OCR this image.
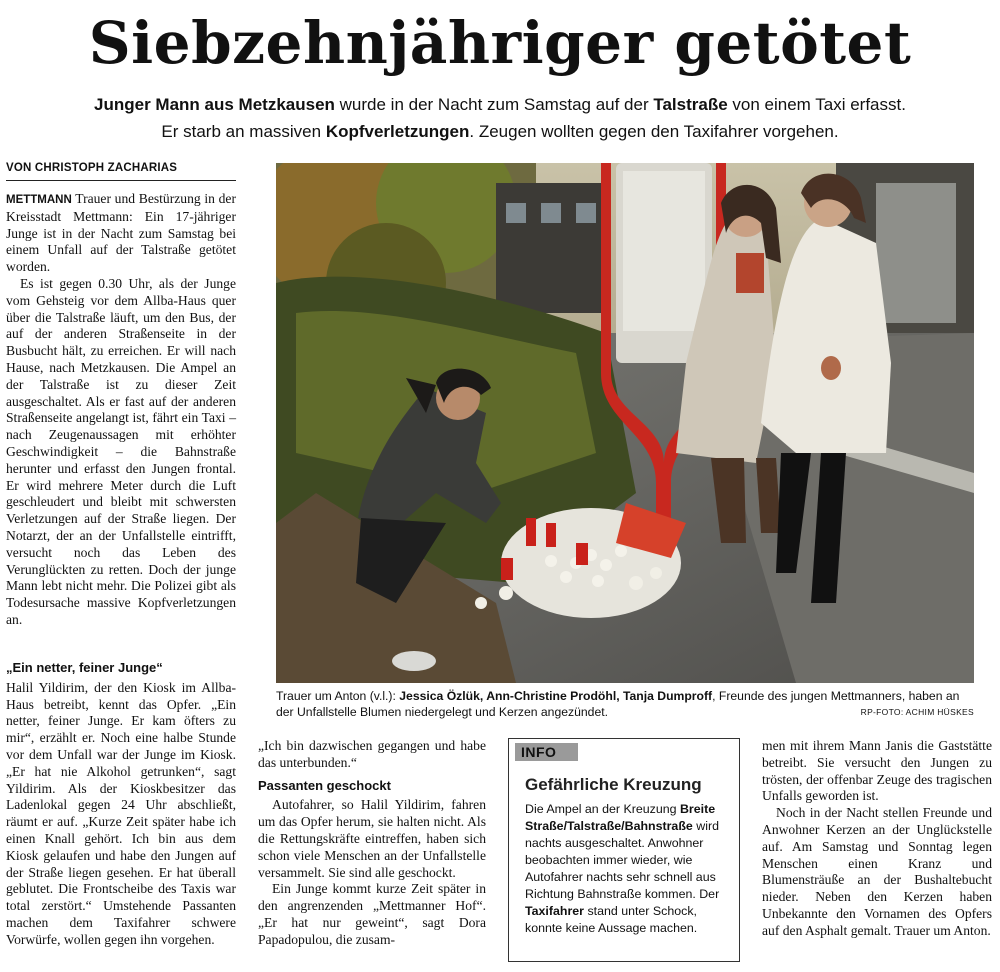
Siebzehnjähriger getötet
Junger Mann aus Metzkausen wurde in der Nacht zum Samstag auf der Talstraße von einem Taxi erfasst.
Er starb an massiven Kopfverletzungen. Zeugen wollten gegen den Taxifahrer vorgehen.
VON CHRISTOPH ZACHARIAS

METTMANN Trauer und Bestürzung in der Kreisstadt Mettmann: Ein 17-jähriger Junge ist in der Nacht zum Samstag bei einem Unfall auf der Talstraße getötet worden.

Es ist gegen 0.30 Uhr, als der Junge vom Gehsteig vor dem Allba-Haus quer über die Talstraße läuft, um den Bus, der auf der anderen Straßenseite in der Busbucht hält, zu erreichen. Er will nach Hause, nach Metzkausen. Die Ampel an der Talstraße ist zu dieser Zeit ausgeschaltet. Als er fast auf der anderen Straßenseite angelangt ist, fährt ein Taxi – nach Zeugenaussagen mit erhöhter Geschwindigkeit – die Bahnstraße herunter und erfasst den Jungen frontal. Er wird mehrere Meter durch die Luft geschleudert und bleibt mit schwersten Verletzungen auf der Straße liegen. Der Notarzt, der an der Unfallstelle eintrifft, versucht noch das Leben des Verunglückten zu retten. Doch der junge Mann lebt nicht mehr. Die Polizei gibt als Todesursache massive Kopfverletzungen an.

„Ein netter, feiner Junge“

Halil Yildirim, der den Kiosk im Allba-Haus betreibt, kennt das Opfer. „Ein netter, feiner Junge. Er kam öfters zu mir“, erzählt er. Noch eine halbe Stunde vor dem Unfall war der Junge im Kiosk. „Er hat nie Alkohol getrunken“, sagt Yildirim. Als der Kioskbesitzer das Ladenlokal gegen 24 Uhr abschließt, räumt er auf. „Kurze Zeit später habe ich einen Knall gehört. Ich bin aus dem Kiosk gelaufen und habe den Jungen auf der Straße liegen gesehen. Er hat überall geblutet. Die Frontscheibe des Taxis war total zerstört.“ Umstehende Passanten machen dem Taxifahrer schwere Vorwürfe, wollen gegen ihn vorgehen.

Trauer um Anton (v.l.): Jessica Özlük, Ann-Christine Prodöhl, Tanja Dumproff, Freunde des jungen Mettmanners, haben an der Unfallstelle Blumen niedergelegt und Kerzen angezündet.	RP-FOTO: ACHIM HÜSKES

„Ich bin dazwischen gegangen und habe das unterbunden.“

Passanten geschockt

Autofahrer, so Halil Yildirim, fahren um das Opfer herum, sie halten nicht. Als die Rettungskräfte eintreffen, haben sich schon viele Menschen an der Unfallstelle versammelt. Sie sind alle geschockt.

Ein Junge kommt kurze Zeit später in den angrenzenden „Mettmanner Hof“. „Er hat nur geweint“, sagt Dora Papadopulou, die zusam-

INFO
Gefährliche Kreuzung
Die Ampel an der Kreuzung Breite Straße/Talstraße/Bahnstraße wird nachts ausgeschaltet. Anwohner beobachten immer wieder, wie Autofahrer nachts sehr schnell aus Richtung Bahnstraße kommen. Der Taxifahrer stand unter Schock, konnte keine Aussage machen.

men mit ihrem Mann Janis die Gaststätte betreibt. Sie versucht den Jungen zu trösten, der offenbar Zeuge des tragischen Unfalls geworden ist.

Noch in der Nacht stellen Freunde und Anwohner Kerzen an der Unglückstelle auf. Am Samstag und Sonntag legen Menschen einen Kranz und Blumensträuße an der Bushaltebucht nieder. Neben den Kerzen haben Unbekannte den Vornamen des Opfers auf den Asphalt gemalt. Trauer um Anton.
